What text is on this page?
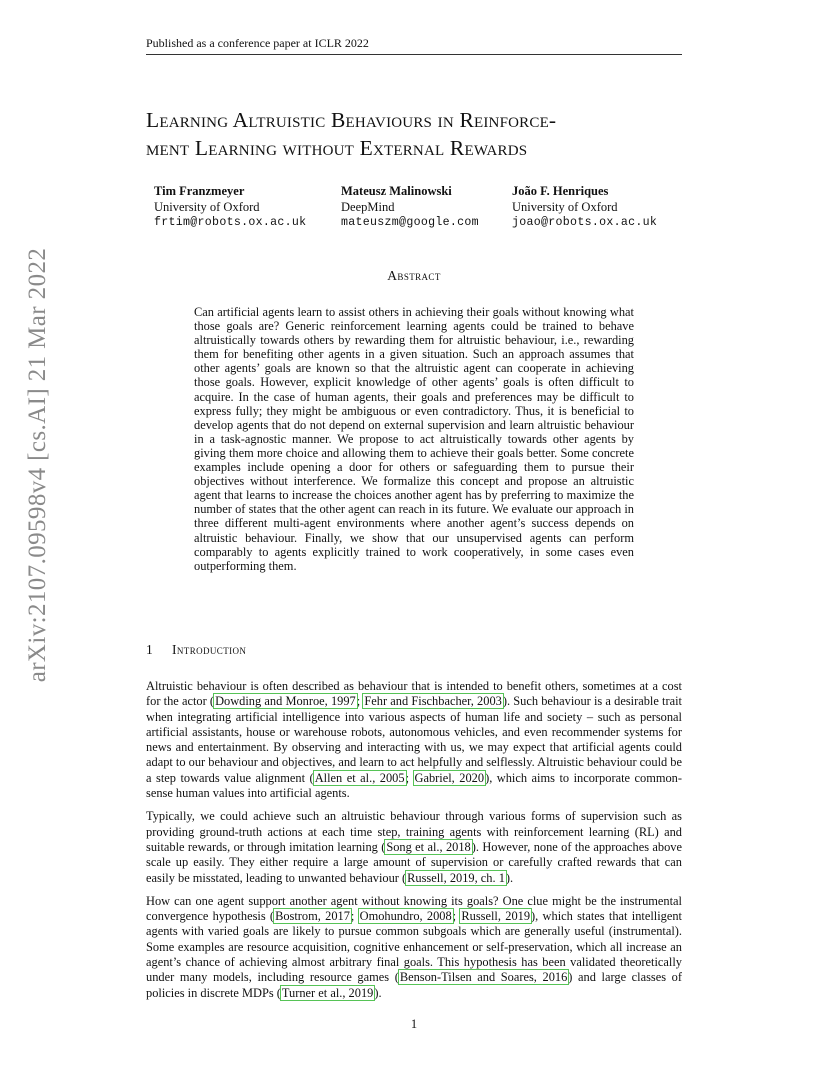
Published as a conference paper at ICLR 2022
arXiv:2107.09598v4 [cs.AI] 21 Mar 2022
Learning Altruistic Behaviours in Reinforce-
ment Learning without External Rewards
Tim Franzmeyer
University of Oxford
frtim@robots.ox.ac.uk
Mateusz Malinowski
DeepMind
mateuszm@google.com
João F. Henriques
University of Oxford
joao@robots.ox.ac.uk
Abstract
Can artificial agents learn to assist others in achieving their goals without knowing what those goals are? Generic reinforcement learning agents could be trained to behave altruistically towards others by rewarding them for altruistic behaviour, i.e., rewarding them for benefiting other agents in a given situation. Such an approach assumes that other agents’ goals are known so that the altruistic agent can cooperate in achieving those goals. However, explicit knowledge of other agents’ goals is often difficult to acquire. In the case of human agents, their goals and preferences may be difficult to express fully; they might be ambiguous or even contradictory. Thus, it is beneficial to develop agents that do not depend on external supervision and learn altruistic behaviour in a task-agnostic manner. We propose to act altruistically towards other agents by giving them more choice and allowing them to achieve their goals better. Some concrete examples include opening a door for others or safeguarding them to pursue their objectives without interference. We formalize this concept and propose an altruistic agent that learns to increase the choices another agent has by preferring to maximize the number of states that the other agent can reach in its future. We evaluate our approach in three different multi-agent environments where another agent’s success depends on altruistic behaviour. Finally, we show that our unsupervised agents can perform comparably to agents explicitly trained to work cooperatively, in some cases even outperforming them.
1 Introduction

Altruistic behaviour is often described as behaviour that is intended to benefit others, sometimes at a cost for the actor (Dowding and Monroe, 1997; Fehr and Fischbacher, 2003). Such behaviour is a desirable trait when integrating artificial intelligence into various aspects of human life and society – such as personal artificial assistants, house or warehouse robots, autonomous vehicles, and even recommender systems for news and entertainment. By observing and interacting with us, we may expect that artificial agents could adapt to our behaviour and objectives, and learn to act helpfully and selflessly. Altruistic behaviour could be a step towards value alignment (Allen et al., 2005; Gabriel, 2020), which aims to incorporate common-sense human values into artificial agents.

Typically, we could achieve such an altruistic behaviour through various forms of supervision such as providing ground-truth actions at each time step, training agents with reinforcement learning (RL) and suitable rewards, or through imitation learning (Song et al., 2018). However, none of the approaches above scale up easily. They either require a large amount of supervision or carefully crafted rewards that can easily be misstated, leading to unwanted behaviour (Russell, 2019, ch. 1).

How can one agent support another agent without knowing its goals? One clue might be the instrumental convergence hypothesis (Bostrom, 2017; Omohundro, 2008; Russell, 2019), which states that intelligent agents with varied goals are likely to pursue common subgoals which are generally useful (instrumental). Some examples are resource acquisition, cognitive enhancement or self-preservation, which all increase an agent’s chance of achieving almost arbitrary final goals. This hypothesis has been validated theoretically under many models, including resource games (Benson-Tilsen and Soares, 2016) and large classes of policies in discrete MDPs (Turner et al., 2019).

1
